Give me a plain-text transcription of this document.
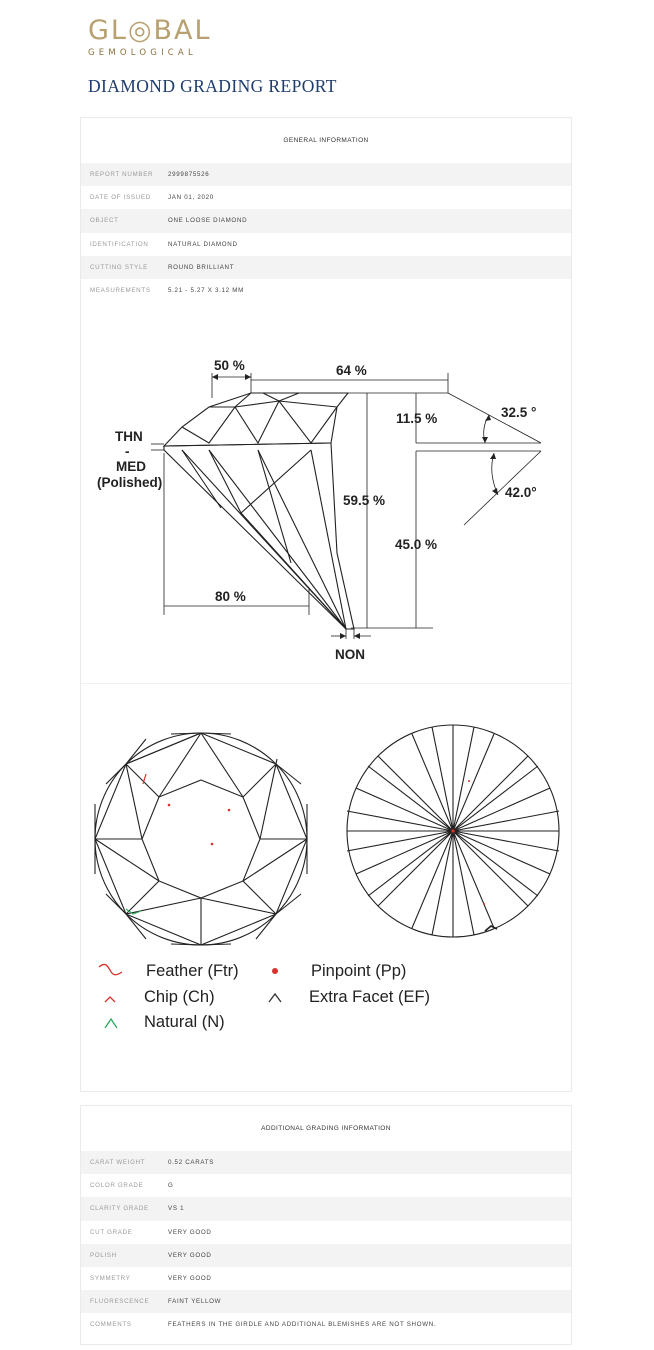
GL◎BAL
GEMOLOGICAL
DIAMOND GRADING REPORT
GENERAL INFORMATION
REPORT NUMBER	2999875526
DATE OF ISSUED	JAN 01, 2020
OBJECT	ONE LOOSE DIAMOND
IDENTIFICATION	NATURAL DIAMOND
CUTTING STYLE	ROUND BRILLIANT
MEASUREMENTS	5.21 - 5.27 X 3.12 MM
50 %	64 %
11.5 %	32.5 °
THN
-
MED
(Polished)
59.5 %
42.0°
45.0 %
80 %
NON
Feather (Ftr)
Chip (Ch)
Natural (N)
Pinpoint (Pp)
Extra Facet (EF)
ADDITIONAL GRADING INFORMATION
CARAT WEIGHT	0.52 CARATS
COLOR GRADE	G
CLARITY GRADE	VS 1
CUT GRADE	VERY GOOD
POLISH	VERY GOOD
SYMMETRY	VERY GOOD
FLUORESCENCE	FAINT YELLOW
COMMENTS	FEATHERS IN THE GIRDLE AND ADDITIONAL BLEMISHES ARE NOT SHOWN.
